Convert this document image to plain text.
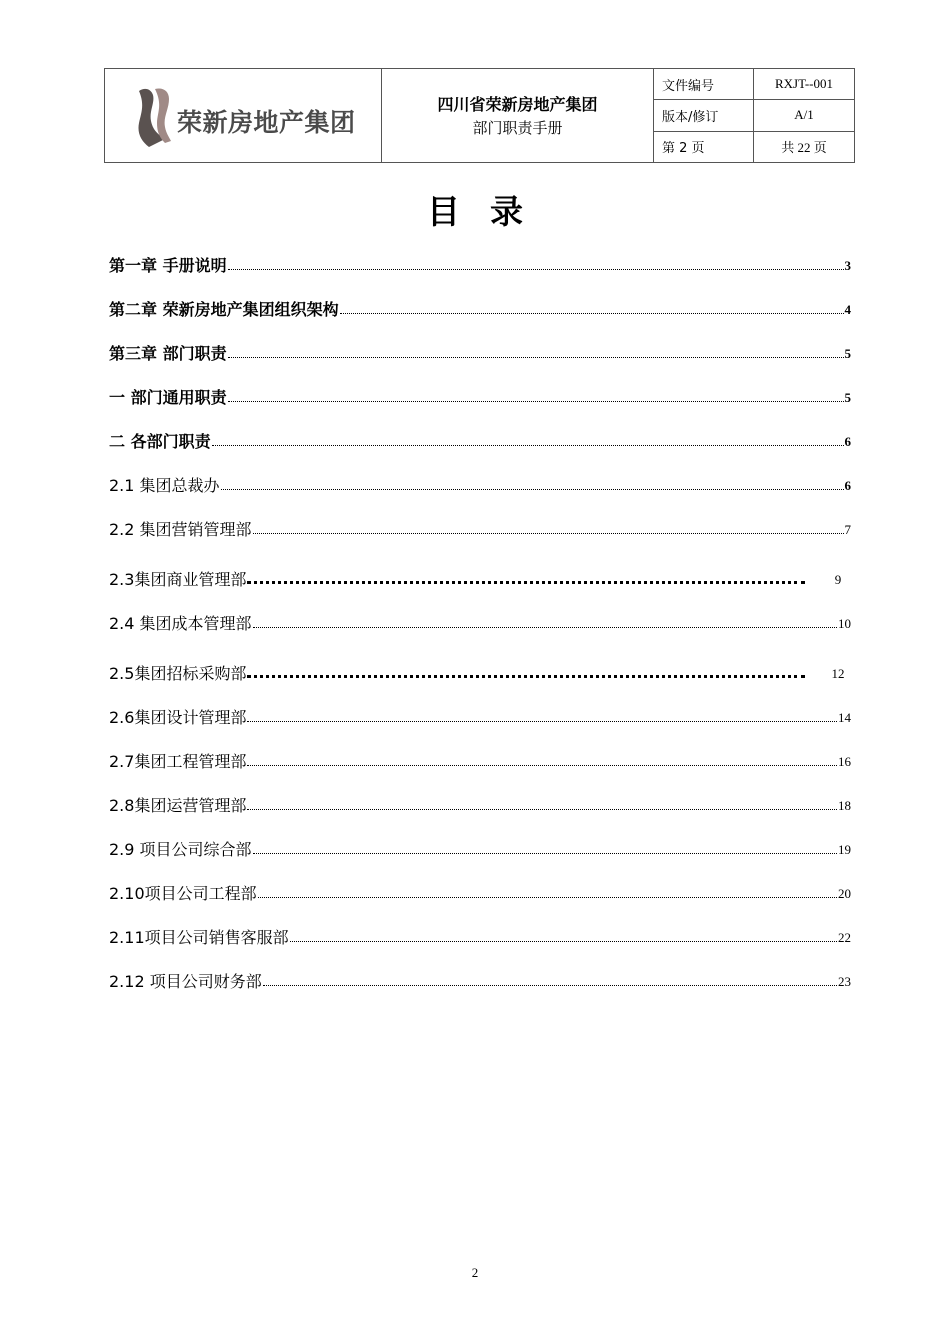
荣新房地产集团
四川省荣新房地产集团
部门职责手册
文件编号	RXJT--001
版本/修订	A/1
第 2 页	共 22 页
目录
第一章 手册说明	3
第二章 荣新房地产集团组织架构	4
第三章 部门职责	5
一 部门通用职责	5
二 各部门职责	6
2.1 集团总裁办	6
2.2 集团营销管理部	7
2.3集团商业管理部	9
2.4 集团成本管理部	10
2.5集团招标采购部	12
2.6集团设计管理部	14
2.7集团工程管理部	16
2.8集团运营管理部	18
2.9 项目公司综合部	19
2.10项目公司工程部	20
2.11项目公司销售客服部	22
2.12 项目公司财务部	23
2
